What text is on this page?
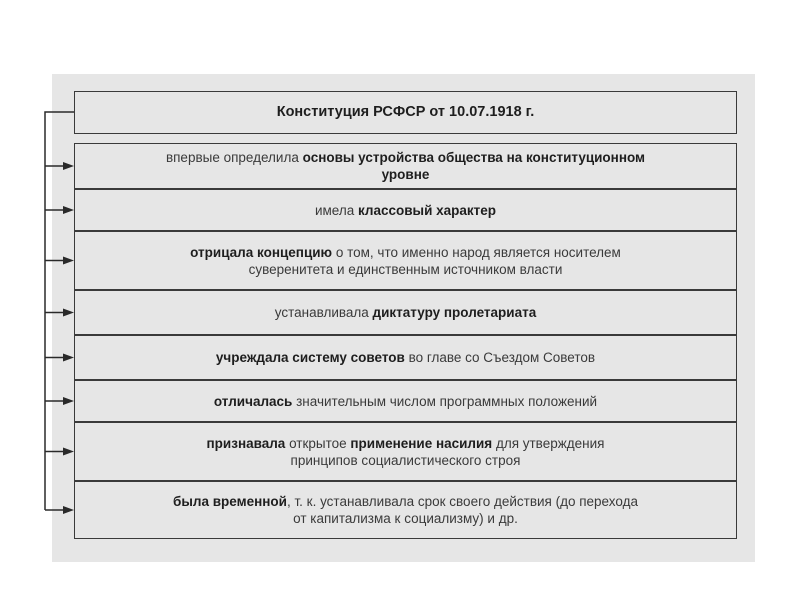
Конституция РСФСР от 10.07.1918 г.
впервые определила основы устройства общества на конституционном
уровне
имела классовый характер
отрицала концепцию о том, что именно народ является носителем
суверенитета и единственным источником власти
устанавливала диктатуру пролетариата
учреждала систему советов во главе со Съездом Советов
отличалась значительным числом программных положений
признавала открытое применение насилия для утверждения
принципов социалистического строя
была временной, т. к. устанавливала срок своего действия (до перехода
от капитализма к социализму) и др.
